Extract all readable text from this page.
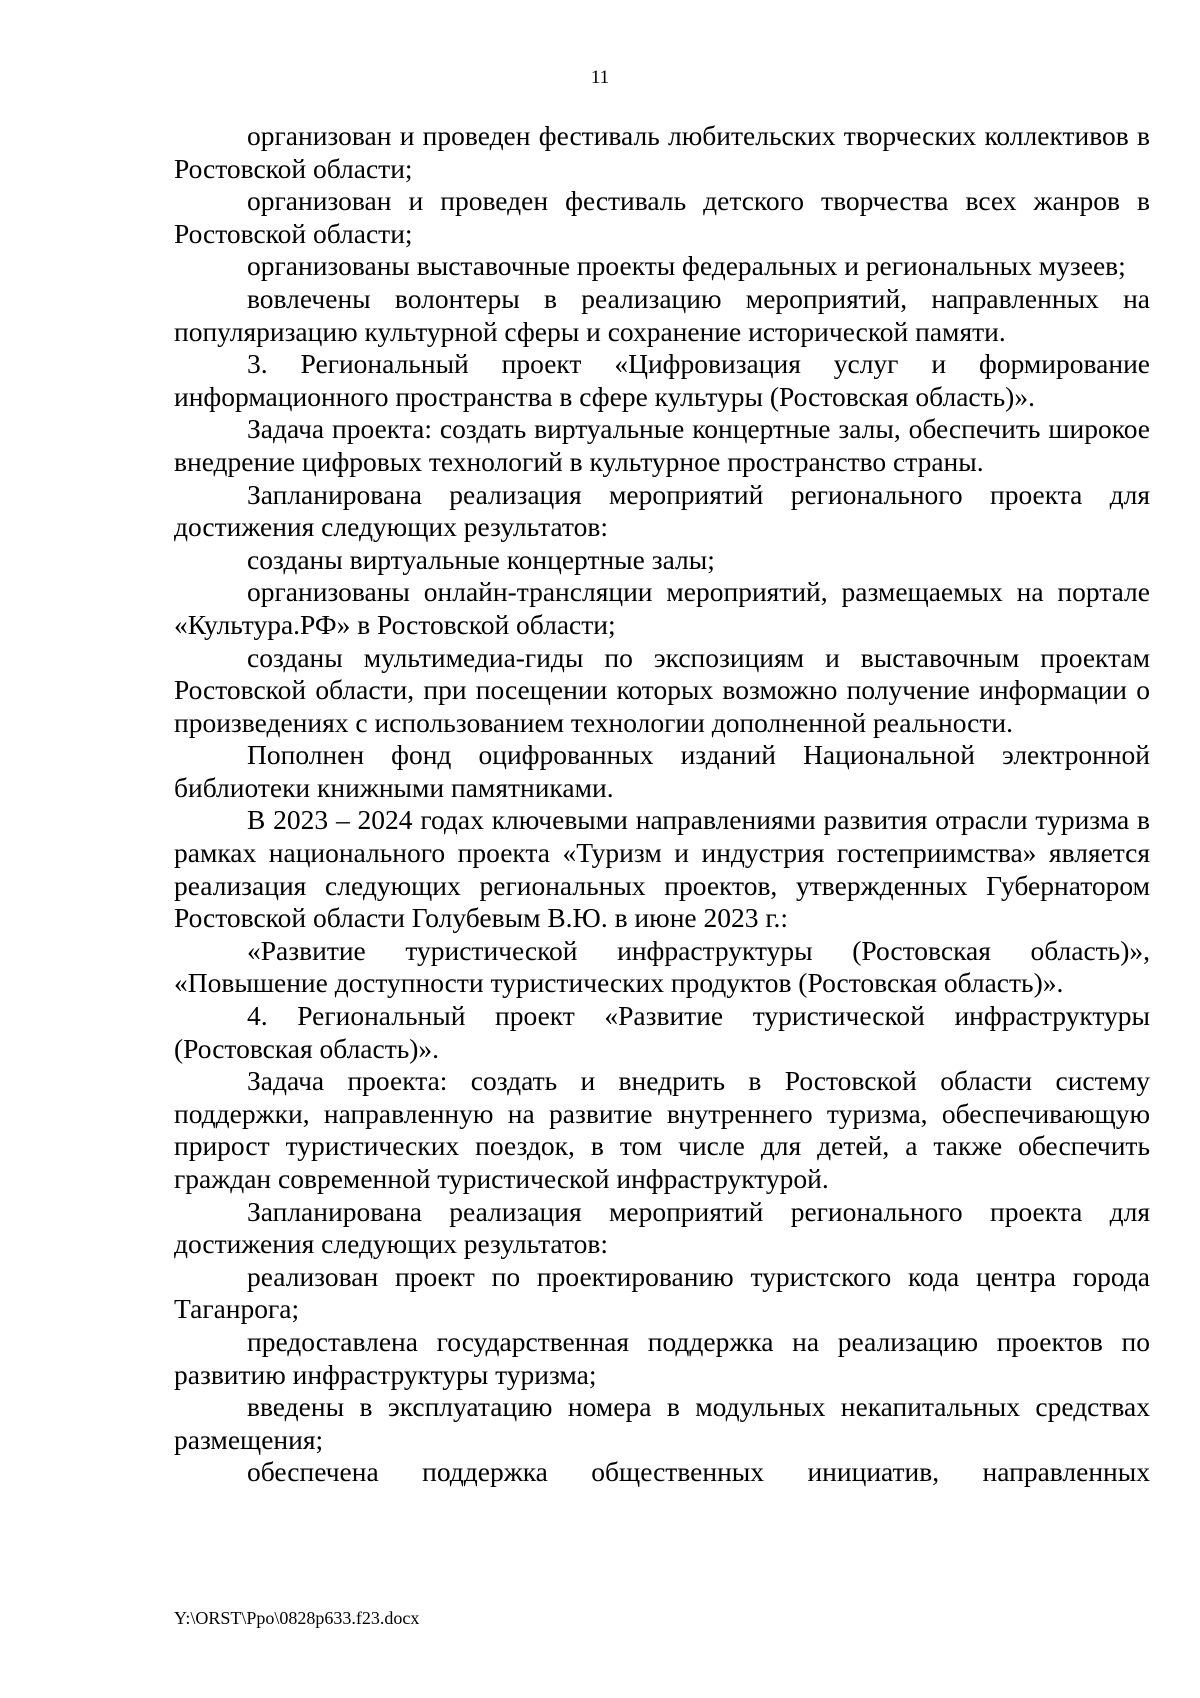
11

организован и проведен фестиваль любительских творческих коллективов в Ростовской области;

организован и проведен фестиваль детского творчества всех жанров в Ростовской области;

организованы выставочные проекты федеральных и региональных музеев;

вовлечены волонтеры в реализацию мероприятий, направленных на популяризацию культурной сферы и сохранение исторической памяти.

3. Региональный проект «Цифровизация услуг и формирование информационного пространства в сфере культуры (Ростовская область)».

Задача проекта: создать виртуальные концертные залы, обеспечить широкое внедрение цифровых технологий в культурное пространство страны.

Запланирована реализация мероприятий регионального проекта для достижения следующих результатов:

созданы виртуальные концертные залы;

организованы онлайн-трансляции мероприятий, размещаемых на портале «Культура.РФ» в Ростовской области;

созданы мультимедиа-гиды по экспозициям и выставочным проектам Ростовской области, при посещении которых возможно получение информации о произведениях с использованием технологии дополненной реальности.

Пополнен фонд оцифрованных изданий Национальной электронной библиотеки книжными памятниками.

В 2023 – 2024 годах ключевыми направлениями развития отрасли туризма в рамках национального проекта «Туризм и индустрия гостеприимства» является реализация следующих региональных проектов, утвержденных Губернатором Ростовской области Голубевым В.Ю. в июне 2023 г.:

«Развитие туристической инфраструктуры (Ростовская область)», «Повышение доступности туристических продуктов (Ростовская область)».

4. Региональный проект «Развитие туристической инфраструктуры (Ростовская область)».

Задача проекта: создать и внедрить в Ростовской области систему поддержки, направленную на развитие внутреннего туризма, обеспечивающую прирост туристических поездок, в том числе для детей, а также обеспечить граждан современной туристической инфраструктурой.

Запланирована реализация мероприятий регионального проекта для достижения следующих результатов:

реализован проект по проектированию туристского кода центра города Таганрога;

предоставлена государственная поддержка на реализацию проектов по развитию инфраструктуры туризма;

введены в эксплуатацию номера в модульных некапитальных средствах размещения;

обеспечена поддержка общественных инициатив, направленных

Y:\ORST\Ppo\0828p633.f23.docx
